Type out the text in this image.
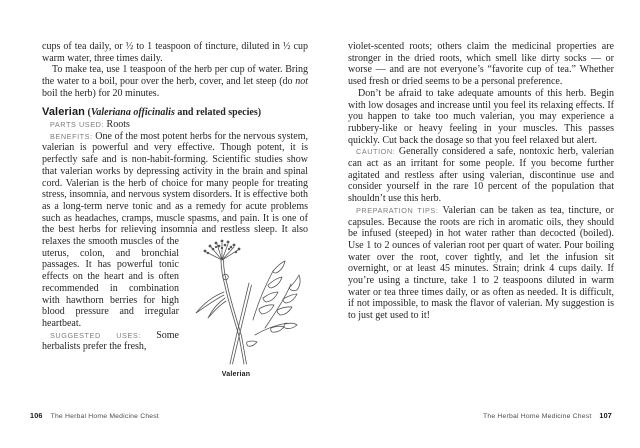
cups of tea daily, or ½ to 1 teaspoon of tincture, diluted in ½ cup warm water, three times daily.

To make tea, use 1 teaspoon of the herb per cup of water. Bring the water to a boil, pour over the herb, cover, and let steep (do not boil the herb) for 20 minutes.

Valerian (Valeriana officinalis and related species)

PARTS USED: Roots

BENEFITS: One of the most potent herbs for the nervous system, valerian is powerful and very effective. Though potent, it is perfectly safe and is non-habit-forming. Scientific studies show that valerian works by depressing activity in the brain and spinal cord. Valerian is the herb of choice for many people for treating stress, insomnia, and nervous system disorders. It is effective both as a long-term nerve tonic and as a remedy for acute problems such as headaches, cramps, muscle spasms, and pain. It is one of the best herbs for relieving insomnia and
Valerian
restless sleep. It also relaxes the smooth muscles of the uterus, colon, and bronchial passages. It has powerful tonic effects on the heart and is often recommended in combination with hawthorn berries for high blood pressure and irregular heartbeat.

SUGGESTED USES: Some herbalists prefer the fresh,

violet-scented roots; others claim the medicinal properties are stronger in the dried roots, which smell like dirty socks — or worse — and are not everyone’s “favorite cup of tea.” Whether used fresh or dried seems to be a personal preference.

Don’t be afraid to take adequate amounts of this herb. Begin with low dosages and increase until you feel its relaxing effects. If you happen to take too much valerian, you may experience a rubbery-like or heavy feeling in your muscles. This passes quickly. Cut back the dosage so that you feel relaxed but alert.

CAUTION: Generally considered a safe, nontoxic herb, valerian can act as an irritant for some people. If you become further agitated and restless after using valerian, discontinue use and consider yourself in the rare 10 percent of the population that shouldn’t use this herb.

PREPARATION TIPS: Valerian can be taken as tea, tincture, or capsules. Because the roots are rich in aromatic oils, they should be infused (steeped) in hot water rather than decocted (boiled). Use 1 to 2 ounces of valerian root per quart of water. Pour boiling water over the root, cover tightly, and let the infusion sit overnight, or at least 45 minutes. Strain; drink 4 cups daily. If you’re using a tincture, take 1 to 2 teaspoons diluted in warm water or tea three times daily, or as often as needed. It is difficult, if not impossible, to mask the flavor of valerian. My suggestion is to just get used to it!

106 The Herbal Home Medicine Chest	The Herbal Home Medicine Chest 107
